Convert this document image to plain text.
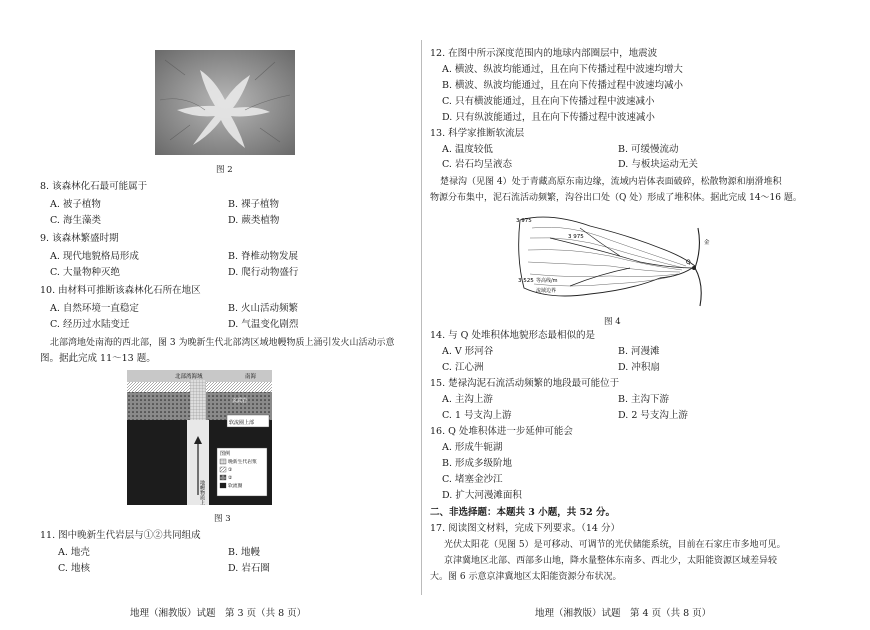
图 2
8. 该森林化石最可能属于
A. 被子植物	B. 裸子植物
C. 海生藻类	D. 蕨类植物
9. 该森林繁盛时期
A. 现代地貌格局形成	B. 脊椎动物发展
C. 大量物种灭绝	D. 爬行动物盛行
10. 由材料可推断该森林化石所在地区
A. 自然环境一直稳定	B. 火山活动频繁
C. 经历过水陆变迁	D. 气温变化剧烈
北部湾地处南海的西北部，图 3 为晚新生代北部湾区域地幔物质上涌引发火山活动示意
图。据此完成 11～13 题。
北部湾海域	南海
玄武岩
软流圈上部
地幔物质上涌
图例
晚新生代岩浆
①
②
软流圈
图 3
11. 图中晚新生代岩层与①②共同组成
A. 地壳	B. 地幔
C. 地核	D. 岩石圈
地理（湘教版）试题　第 3 页（共 8 页）
12. 在图中所示深度范围内的地球内部圈层中，地震波
A. 横波、纵波均能通过，且在向下传播过程中波速均增大
B. 横波、纵波均能通过，且在向下传播过程中波速均减小
C. 只有横波能通过，且在向下传播过程中波速减小
D. 只有纵波能通过，且在向下传播过程中波速减小
13. 科学家推断软流层
A. 温度较低	B. 可缓慢流动
C. 岩石均呈液态	D. 与板块运动无关
楚禄沟（见图 4）处于青藏高原东南边缘，流域内岩体表面破碎，松散物源和崩滑堆积
物源分布集中，泥石流活动频繁，沟谷出口处（Q 处）形成了堆积体。据此完成 14～16 题。
3 975
3 975
3 525 等高线/m
流域边界
Q
金
图 4
14. 与 Q 处堆积体地貌形态最相似的是
A. V 形河谷	B. 河漫滩
C. 江心洲	D. 冲积扇
15. 楚禄沟泥石流活动频繁的地段最可能位于
A. 主沟上游	B. 主沟下游
C. 1 号支沟上游	D. 2 号支沟上游
16. Q 处堆积体进一步延伸可能会
A. 形成牛轭湖
B. 形成多级阶地
C. 堵塞金沙江
D. 扩大河漫滩面积
二、非选择题：本题共 3 小题，共 52 分。
17. 阅读图文材料，完成下列要求。（14 分）
光伏太阳花（见图 5）是可移动、可调节的光伏储能系统，目前在石家庄市多地可见。
京津冀地区北部、西部多山地，降水量整体东南多、西北少，太阳能资源区域差异较
大。图 6 示意京津冀地区太阳能资源分布状况。
地理（湘教版）试题　第 4 页（共 8 页）
